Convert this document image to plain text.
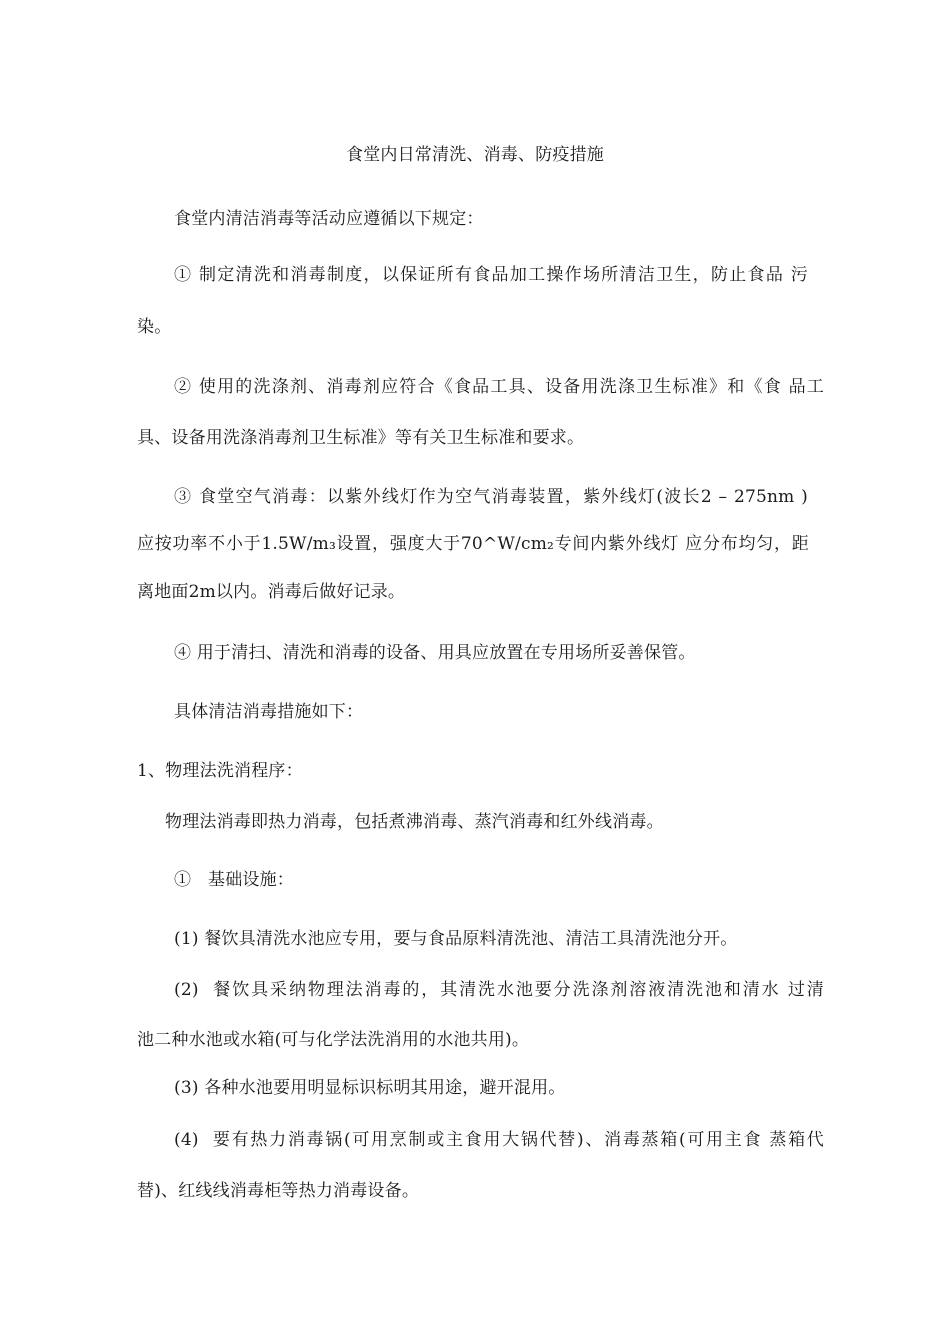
食堂内日常清洗、消毒、防疫措施
食堂内清洁消毒等活动应遵循以下规定：
① 制定清洗和消毒制度，以保证所有食品加工操作场所清洁卫生，防止食品 污
染。
② 使用的洗涤剂、消毒剂应符合《食品工具、设备用洗涤卫生标准》和《食 品工
具、设备用洗涤消毒剂卫生标准》等有关卫生标准和要求。
③ 食堂空气消毒：以紫外线灯作为空气消毒装置，紫外线灯(波长2 – 275nm )
应按功率不小于1.5W/m₃设置，强度大于70^W/cm₂专间内紫外线灯 应分布均匀，距
离地面2m以内。消毒后做好记录。
④ 用于清扫、清洗和消毒的设备、用具应放置在专用场所妥善保管。
具体清洁消毒措施如下：
1、物理法洗消程序：
物理法消毒即热力消毒，包括煮沸消毒、蒸汽消毒和红外线消毒。
①   基础设施：
(1) 餐饮具清洗水池应专用，要与食品原料清洗池、清洁工具清洗池分开。
(2)  餐饮具采纳物理法消毒的，其清洗水池要分洗涤剂溶液清洗池和清水 过清
池二种水池或水箱(可与化学法洗消用的水池共用)。
(3) 各种水池要用明显标识标明其用途，避开混用。
(4)  要有热力消毒锅(可用烹制或主食用大锅代替)、消毒蒸箱(可用主食 蒸箱代
替)、红线线消毒柜等热力消毒设备。
